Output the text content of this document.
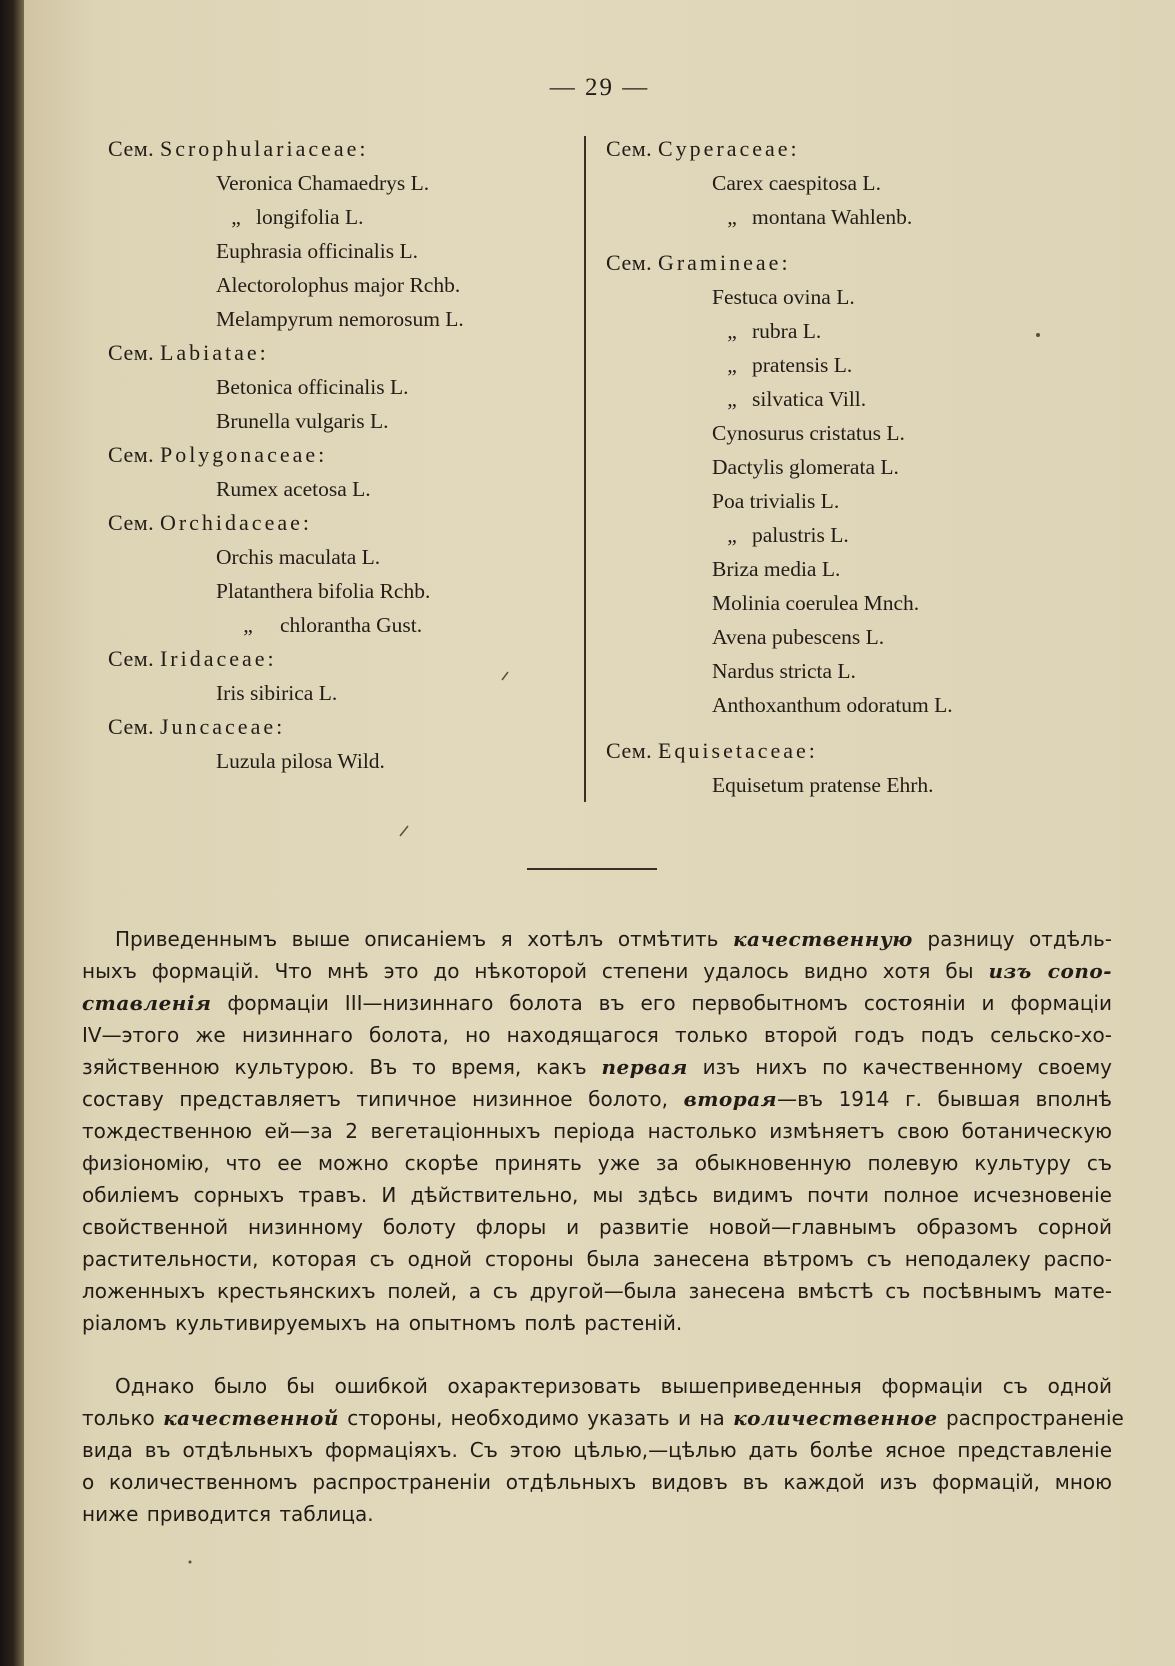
— 29 —
Сем. Scrophulariaceae:
Veronica Chamaedrys L.
„ longifolia L.
Euphrasia officinalis L.
Alectorolophus major Rchb.
Melampyrum nemorosum L.
Сем. Labiatae:
Betonica officinalis L.
Brunella vulgaris L.
Сем. Polygonaceae:
Rumex acetosa L.
Сем. Orchidaceae:
Orchis maculata L.
Platanthera bifolia Rchb.
„ chlorantha Gust.
Сем. Iridaceae:
Iris sibirica L.
Сем. Juncaceae:
Luzula pilosa Wild.
Сем. Cyperaceae:
Carex caespitosa L.
„ montana Wahlenb.
Сем. Gramineae:
Festuca ovina L.
„ rubra L.
„ pratensis L.
„ silvatica Vill.
Cynosurus cristatus L.
Dactylis glomerata L.
Poa trivialis L.
„ palustris L.
Briza media L.
Molinia coerulea Mnch.
Avena pubescens L.
Nardus stricta L.
Anthoxanthum odoratum L.
Сем. Equisetaceae:
Equisetum pratense Ehrh.
Приведеннымъ выше описаніемъ я хотѣлъ отмѣтить качественную разницу отдѣль-
ныхъ формацій. Что мнѣ это до нѣкоторой степени удалось видно хотя бы изъ сопо-
ставленія формаціи III—низиннаго болота въ его первобытномъ состояніи и формаціи
IV—этого же низиннаго болота, но находящагося только второй годъ подъ сельско-хо-
зяйственною культурою. Въ то время, какъ первая изъ нихъ по качественному своему
составу представляетъ типичное низинное болото, вторая—въ 1914 г. бывшая вполнѣ
тождественною ей—за 2 вегетаціонныхъ періода настолько измѣняетъ свою ботаническую
физіономію, что ее можно скорѣе принять уже за обыкновенную полевую культуру съ
обиліемъ сорныхъ травъ. И дѣйствительно, мы здѣсь видимъ почти полное исчезновеніе
свойственной низинному болоту флоры и развитіе новой—главнымъ образомъ сорной
растительности, которая съ одной стороны была занесена вѣтромъ съ неподалеку распо-
ложенныхъ крестьянскихъ полей, а съ другой—была занесена вмѣстѣ съ посѣвнымъ мате-
ріаломъ культивируемыхъ на опытномъ полѣ растеній.
Однако было бы ошибкой охарактеризовать вышеприведенныя формаціи съ одной
только качественной стороны, необходимо указать и на количественное распространеніе
вида въ отдѣльныхъ формаціяхъ. Съ этою цѣлью,—цѣлью дать болѣе ясное представленіе
о количественномъ распространеніи отдѣльныхъ видовъ въ каждой изъ формацій, мною
ниже приводится таблица.
